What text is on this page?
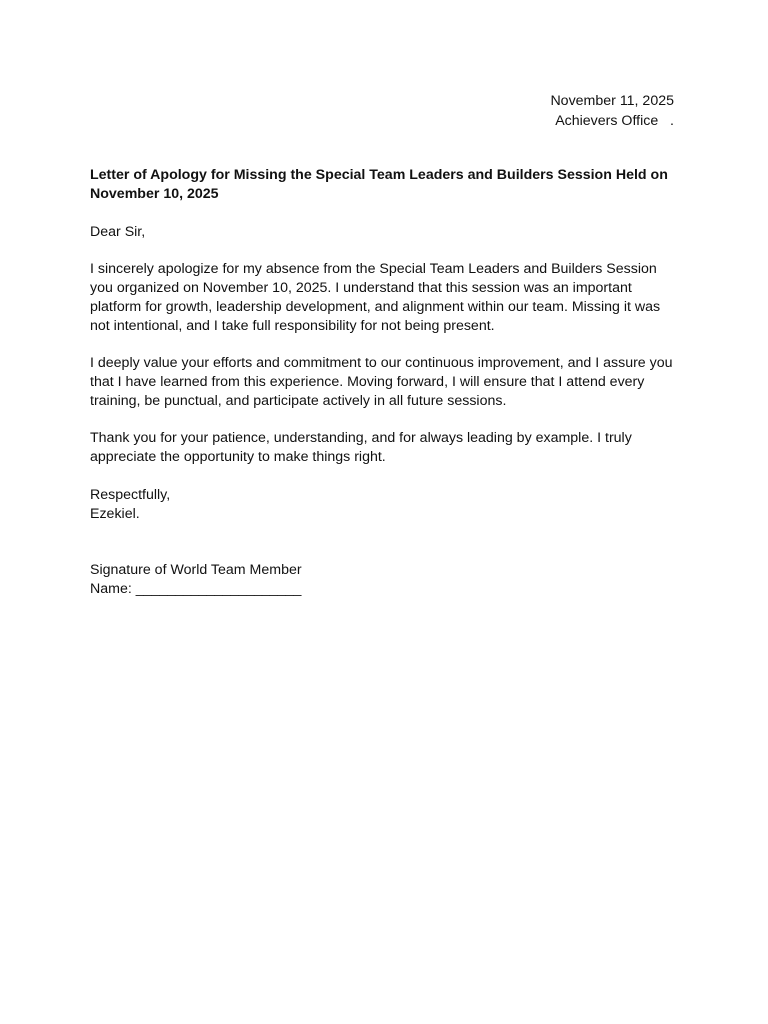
November 11, 2025
Achievers Office   .

Letter of Apology for Missing the Special Team Leaders and Builders Session Held on November 10, 2025

Dear Sir,

I sincerely apologize for my absence from the Special Team Leaders and Builders Session you organized on November 10, 2025. I understand that this session was an important platform for growth, leadership development, and alignment within our team. Missing it was not intentional, and I take full responsibility for not being present.

I deeply value your efforts and commitment to our continuous improvement, and I assure you that I have learned from this experience. Moving forward, I will ensure that I attend every training, be punctual, and participate actively in all future sessions.

Thank you for your patience, understanding, and for always leading by example. I truly appreciate the opportunity to make things right.

Respectfully,
Ezekiel.

Signature of World Team Member
Name: _____________________
